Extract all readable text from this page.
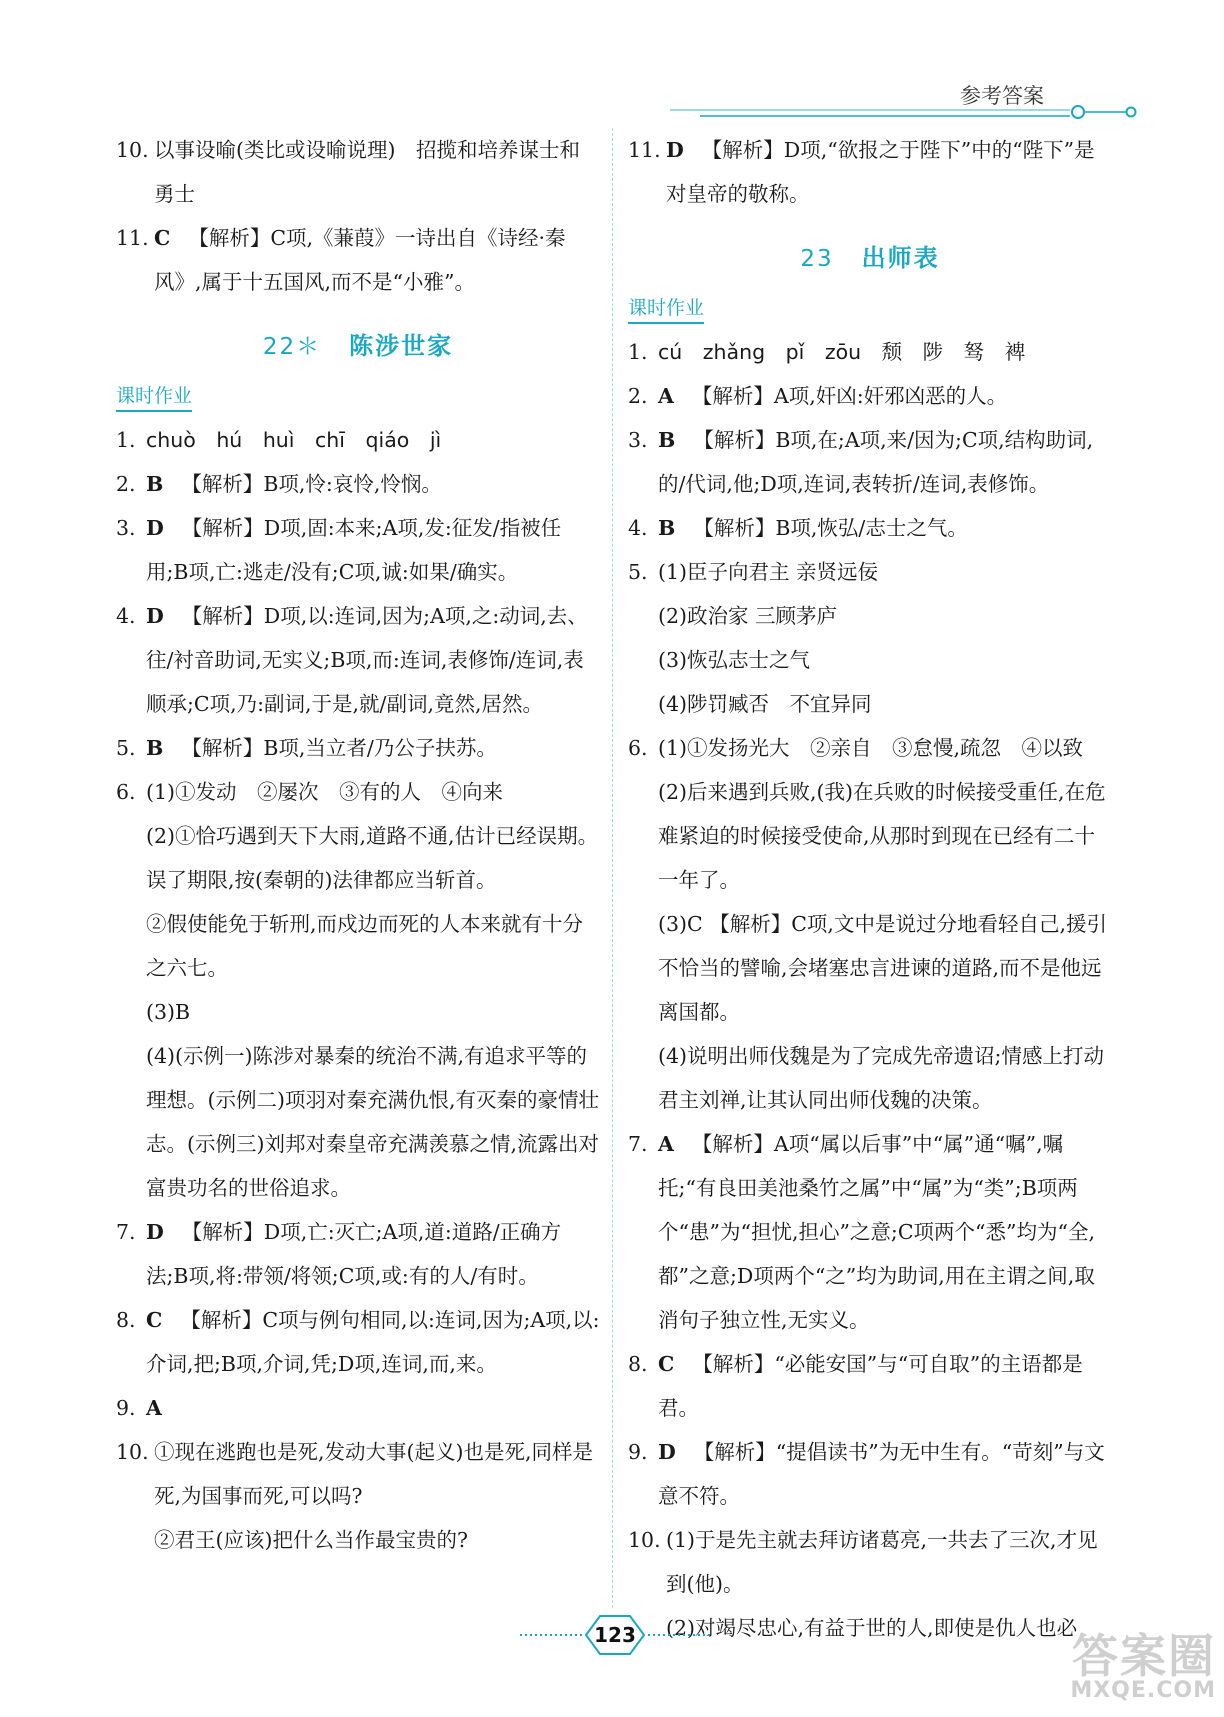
参考答案
10. 以事设喻(类比或设喻说理)　招揽和培养谋士和勇士
11. C 【解析】C项,《蒹葭》一诗出自《诗经·秦风》,属于十五国风,而不是“小雅”。
22＊ 陈涉世家
课时作业
1. chuò hú huì chī qiáo jì
2. B 【解析】B项,怜:哀怜,怜悯。
3. D 【解析】D项,固:本来;A项,发:征发/指被任用;B项,亡:逃走/没有;C项,诚:如果/确实。
4. D 【解析】D项,以:连词,因为;A项,之:动词,去、往/衬音助词,无实义;B项,而:连词,表修饰/连词,表顺承;C项,乃:副词,于是,就/副词,竟然,居然。
5. B 【解析】B项,当立者/乃公子扶苏。
6. (1)①发动　②屡次　③有的人　④向来
(2)①恰巧遇到天下大雨,道路不通,估计已经误期。误了期限,按(秦朝的)法律都应当斩首。
②假使能免于斩刑,而戍边而死的人本来就有十分之六七。
(3)B
(4)(示例一)陈涉对暴秦的统治不满,有追求平等的理想。(示例二)项羽对秦充满仇恨,有灭秦的豪情壮志。(示例三)刘邦对秦皇帝充满羡慕之情,流露出对富贵功名的世俗追求。
7. D 【解析】D项,亡:灭亡;A项,道:道路/正确方法;B项,将:带领/将领;C项,或:有的人/有时。
8. C 【解析】C项与例句相同,以:连词,因为;A项,以:介词,把;B项,介词,凭;D项,连词,而,来。
9. A
10. ①现在逃跑也是死,发动大事(起义)也是死,同样是死,为国事而死,可以吗?
②君王(应该)把什么当作最宝贵的?
11. D 【解析】D项,“欲报之于陛下”中的“陛下”是对皇帝的敬称。
23 出师表
课时作业
1. cú zhǎng pǐ zōu 颓 陟 驽 裨
2. A 【解析】A项,奸凶:奸邪凶恶的人。
3. B 【解析】B项,在;A项,来/因为;C项,结构助词,的/代词,他;D项,连词,表转折/连词,表修饰。
4. B 【解析】B项,恢弘/志士之气。
5. (1)臣子向君主 亲贤远佞
(2)政治家 三顾茅庐
(3)恢弘志士之气
(4)陟罚臧否　不宜异同
6. (1)①发扬光大　②亲自　③怠慢,疏忽　④以致
(2)后来遇到兵败,(我)在兵败的时候接受重任,在危难紧迫的时候接受使命,从那时到现在已经有二十一年了。
(3)C 【解析】C项,文中是说过分地看轻自己,援引不恰当的譬喻,会堵塞忠言进谏的道路,而不是他远离国都。
(4)说明出师伐魏是为了完成先帝遗诏;情感上打动君主刘禅,让其认同出师伐魏的决策。
7. A 【解析】A项“属以后事”中“属”通“嘱”,嘱托;“有良田美池桑竹之属”中“属”为“类”;B项两个“患”为“担忧,担心”之意;C项两个“悉”均为“全,都”之意;D项两个“之”均为助词,用在主谓之间,取消句子独立性,无实义。
8. C 【解析】“必能安国”与“可自取”的主语都是君。
9. D 【解析】“提倡读书”为无中生有。“苛刻”与文意不符。
10. (1)于是先主就去拜访诸葛亮,一共去了三次,才见到(他)。
(2)对竭尽忠心,有益于世的人,即使是仇人也必
123	答案圈
MXQE.COM
